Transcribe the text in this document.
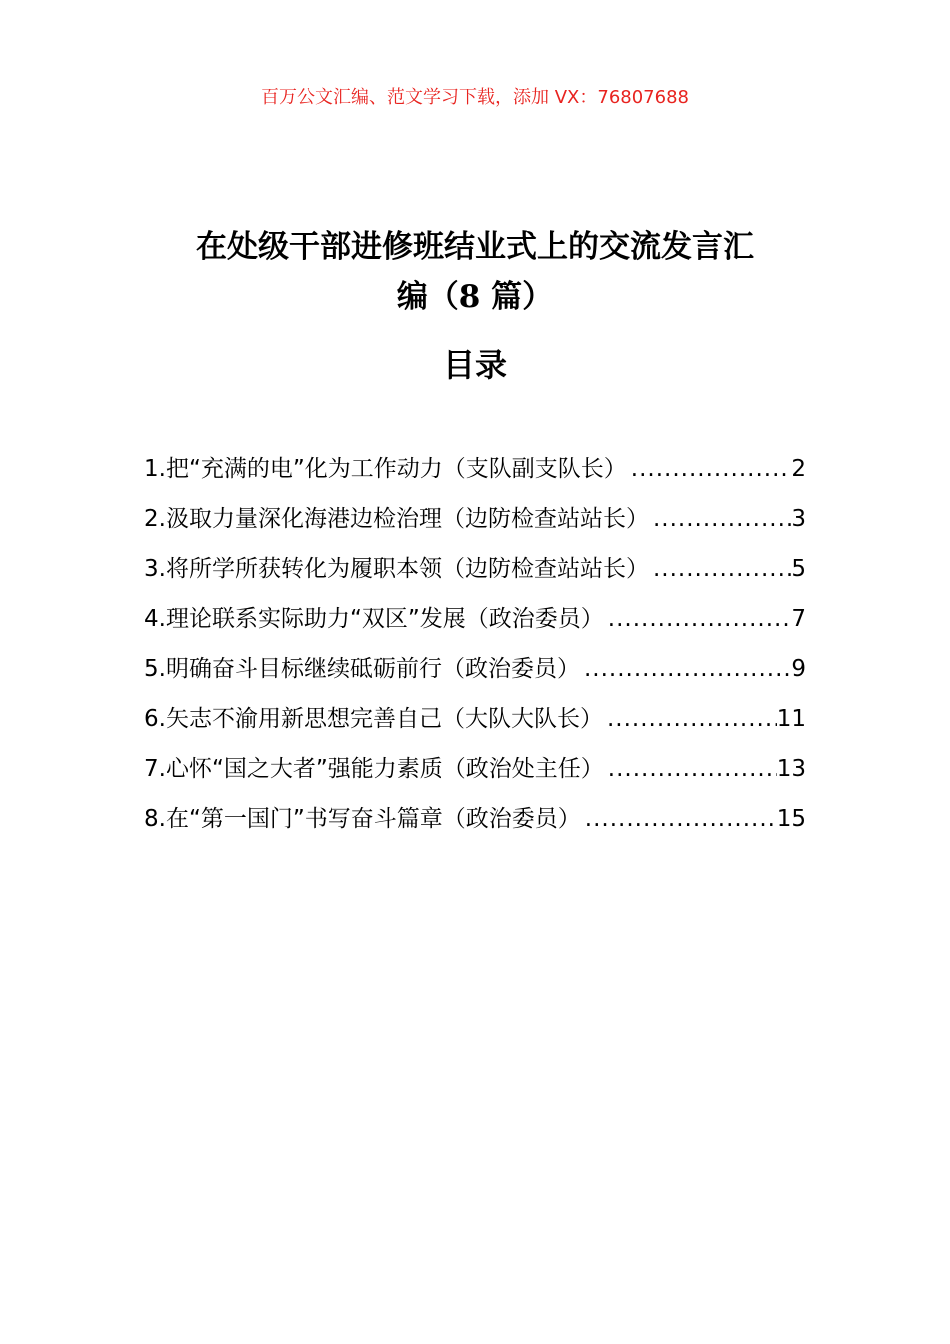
百万公文汇编、范文学习下载，添加 VX：76807688
在处级干部进修班结业式上的交流发言汇
编（8 篇）
目录
1.把“充满的电”化为工作动力（支队副支队长） .....	2
2.汲取力量深化海港边检治理（边防检查站站长） .....	3
3.将所学所获转化为履职本领（边防检查站站长） .....	5
4.理论联系实际助力“双区”发展（政治委员） .....	7
5.明确奋斗目标继续砥砺前行（政治委员） .....	9
6.矢志不渝用新思想完善自己（大队大队长） .....	11
7.心怀“国之大者”强能力素质（政治处主任） .....	13
8.在“第一国门”书写奋斗篇章（政治委员） .....	15
